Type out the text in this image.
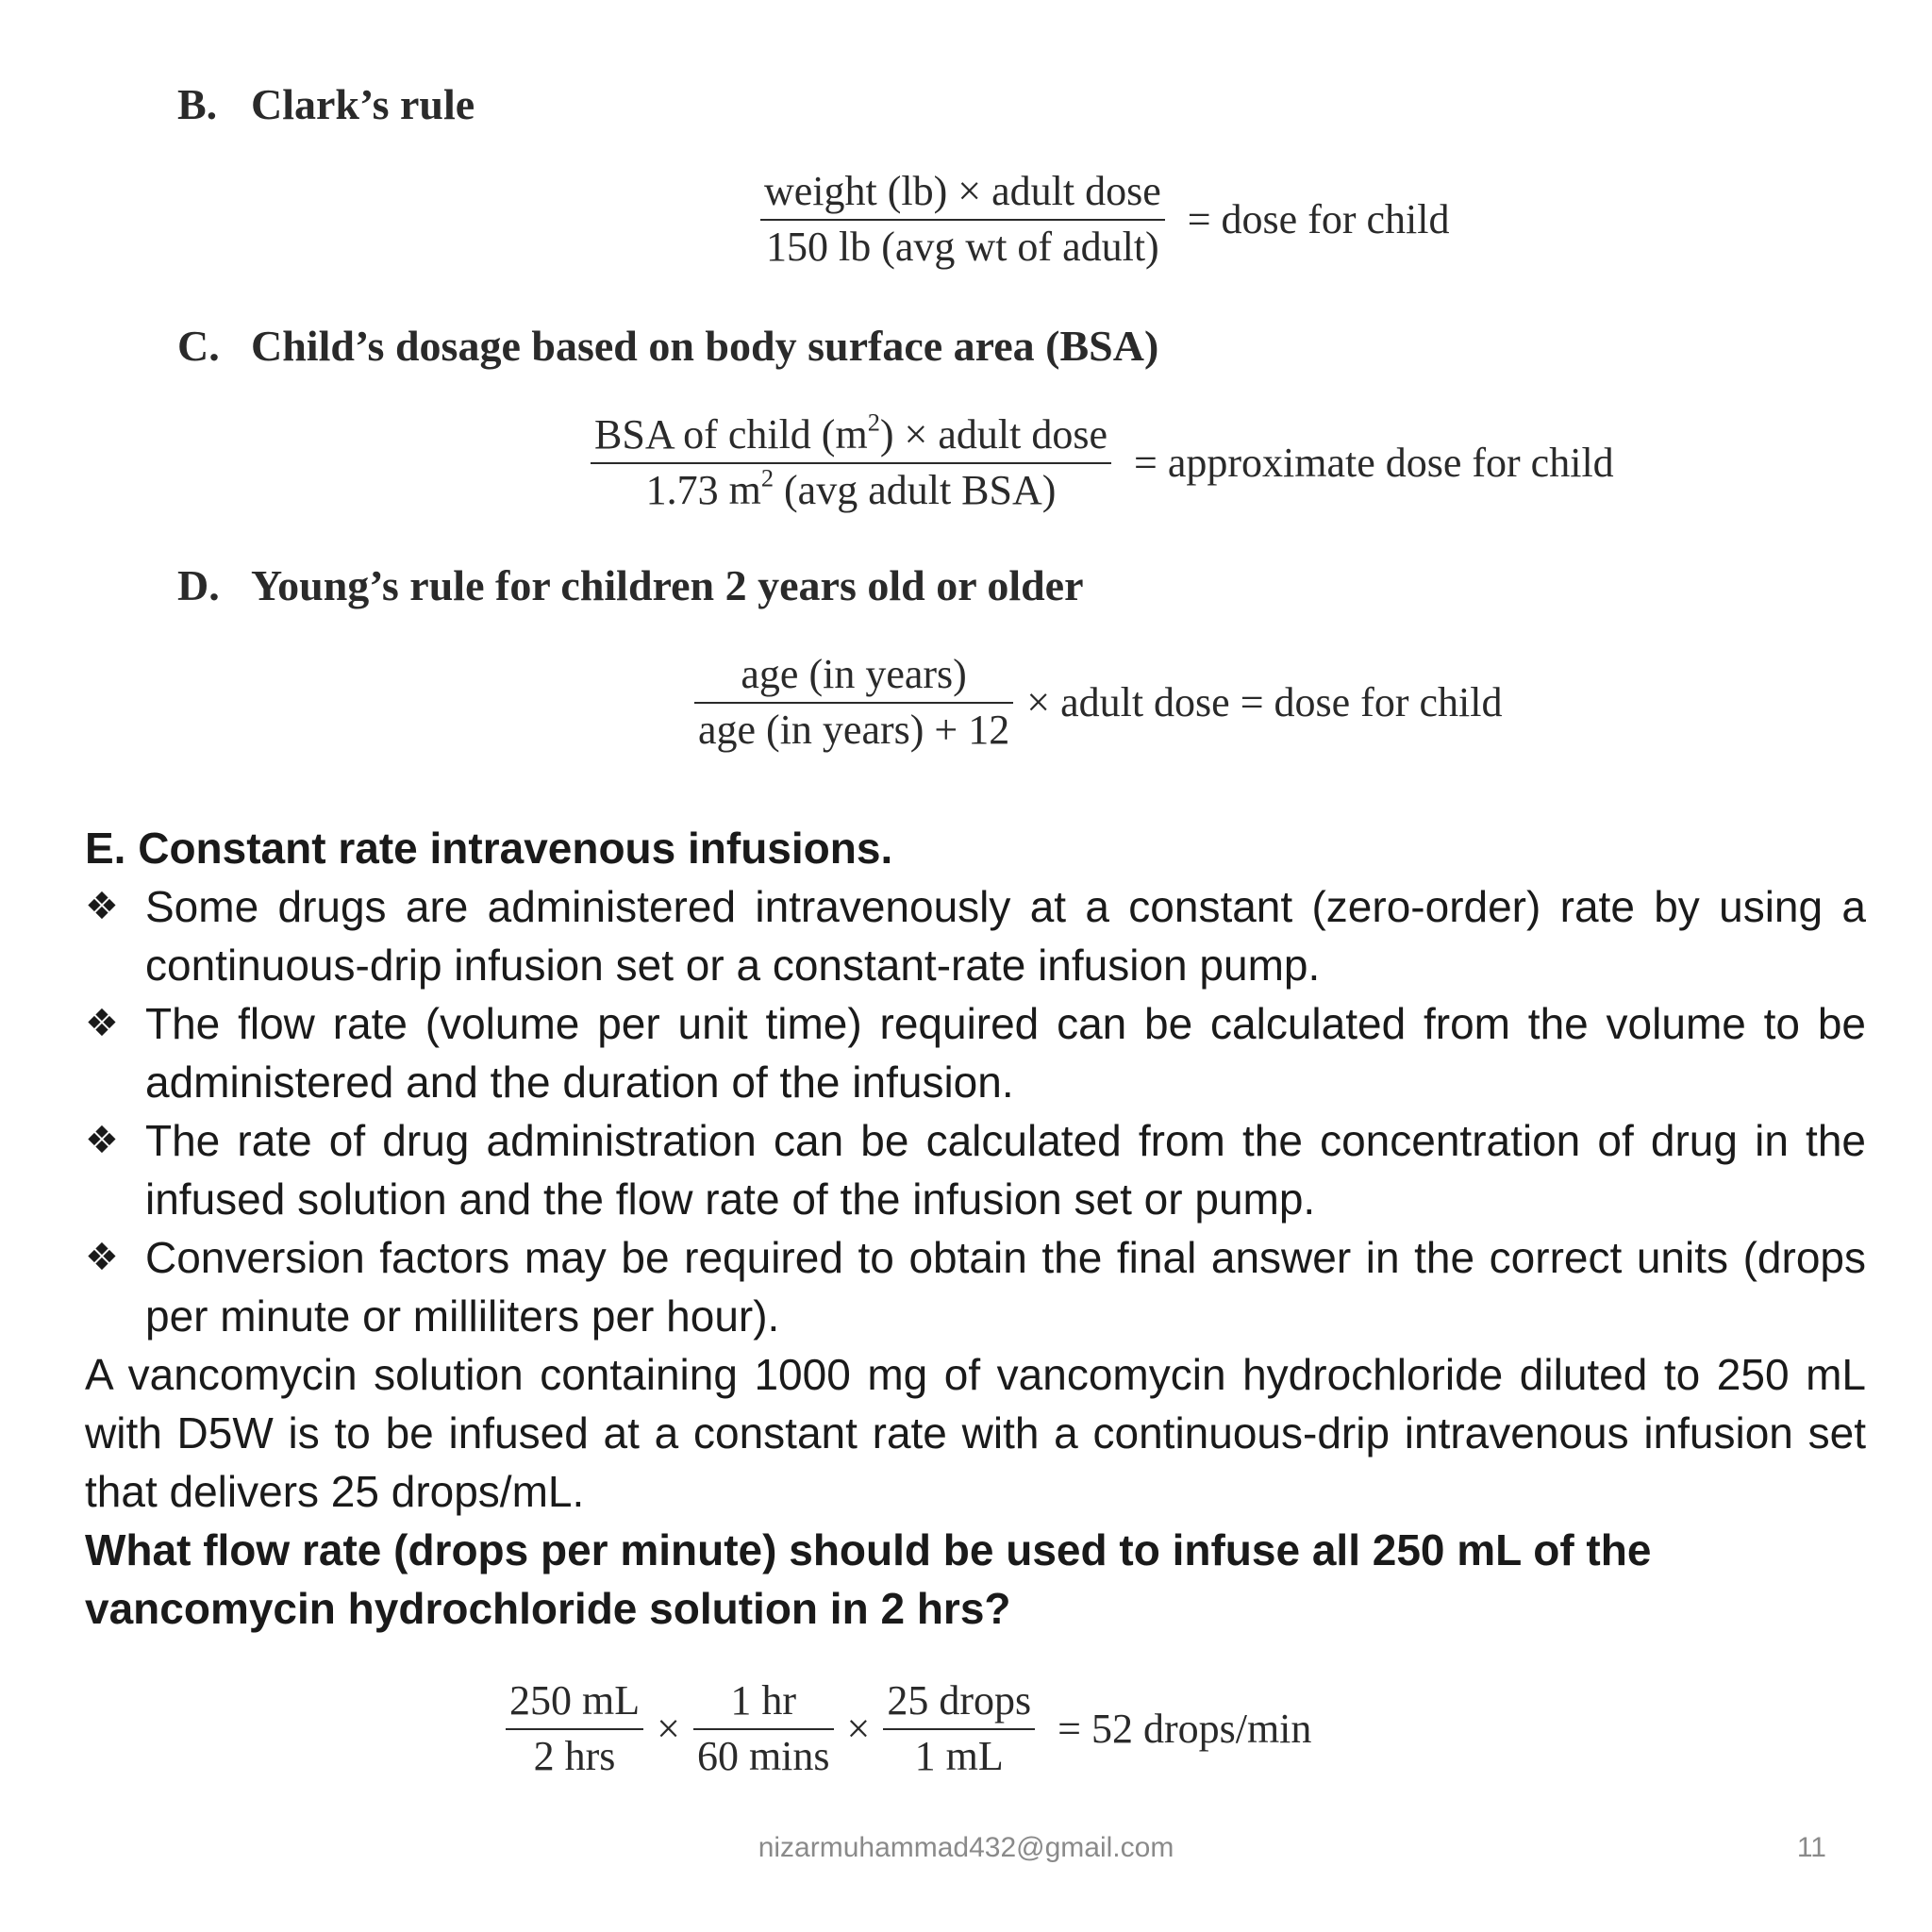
B. Clark’s rule
$\frac{\text{weight (lb) × adult dose}}{\text{150 lb (avg wt of adult)}}$ = dose for child
C. Child’s dosage based on body surface area (BSA)
$\frac{BSA of child (m^2) \times adult dose}{1.73 m^2 (avg adult BSA)}$ = approximate dose for child
D. Young’s rule for children 2 years old or older
$\frac{\text{age (in years)}}{\text{age (in years) + 12}}$ × adult dose = dose for child

E. Constant rate intravenous infusions.

❖ Some drugs are administered intravenously at a constant (zero-order) rate by using a continuous-drip infusion set or a constant-rate infusion pump.
❖ The flow rate (volume per unit time) required can be calculated from the volume to be administered and the duration of the infusion.
❖ The rate of drug administration can be calculated from the concentration of drug in the infused solution and the flow rate of the infusion set or pump.
❖ Conversion factors may be required to obtain the final answer in the correct units (drops per minute or milliliters per hour).

A vancomycin solution containing 1000 mg of vancomycin hydrochloride diluted to 250 mL with D5W is to be infused at a constant rate with a continuous-drip intravenous infusion set that delivers 25 drops/mL.

What flow rate (drops per minute) should be used to infuse all 250 mL of the vancomycin hydrochloride solution in 2 hrs?

$\frac{250 mL}{\text{2 hrs}} \times \frac{1 hr}{60 \min s} \times \frac{\text{25 drops}}{1 mL} = 52$ drops/min
nizarmuhammad432@gmail.com	11
